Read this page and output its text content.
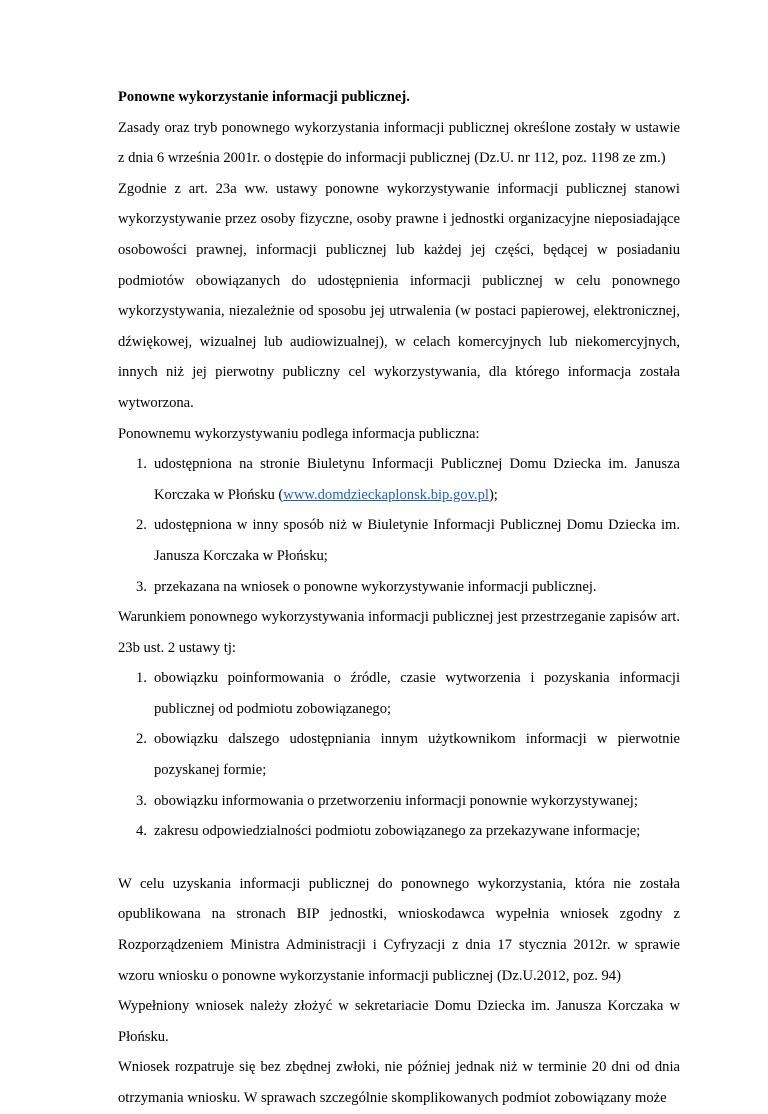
Ponowne wykorzystanie informacji publicznej.

Zasady oraz tryb ponownego wykorzystania informacji publicznej określone zostały w ustawie z dnia 6 września 2001r. o dostępie do informacji publicznej (Dz.U. nr 112, poz. 1198 ze zm.)

Zgodnie z art. 23a ww. ustawy ponowne wykorzystywanie informacji publicznej stanowi wykorzystywanie przez osoby fizyczne, osoby prawne i jednostki organizacyjne nieposiadające osobowości prawnej, informacji publicznej lub każdej jej części, będącej w posiadaniu podmiotów obowiązanych do udostępnienia informacji publicznej w celu ponownego wykorzystywania, niezależnie od sposobu jej utrwalenia (w postaci papierowej, elektronicznej, dźwiękowej, wizualnej lub audiowizualnej), w celach komercyjnych lub niekomercyjnych, innych niż jej pierwotny publiczny cel wykorzystywania, dla którego informacja została wytworzona.

Ponownemu wykorzystywaniu podlega informacja publiczna:

1. udostępniona na stronie Biuletynu Informacji Publicznej Domu Dziecka im. Janusza Korczaka w Płońsku (www.domdzieckaplonsk.bip.gov.pl);
2. udostępniona w inny sposób niż w Biuletynie Informacji Publicznej Domu Dziecka im. Janusza Korczaka w Płońsku;
3. przekazana na wniosek o ponowne wykorzystywanie informacji publicznej.

Warunkiem ponownego wykorzystywania informacji publicznej jest przestrzeganie zapisów art. 23b ust. 2 ustawy tj:

1. obowiązku poinformowania o źródle, czasie wytworzenia i pozyskania informacji publicznej od podmiotu zobowiązanego;
2. obowiązku dalszego udostępniania innym użytkownikom informacji w pierwotnie pozyskanej formie;
3. obowiązku informowania o przetworzeniu informacji ponownie wykorzystywanej;
4. zakresu odpowiedzialności podmiotu zobowiązanego za przekazywane informacje;

W celu uzyskania informacji publicznej do ponownego wykorzystania, która nie została opublikowana na stronach BIP jednostki, wnioskodawca wypełnia wniosek zgodny z Rozporządzeniem Ministra Administracji i Cyfryzacji z dnia 17 stycznia 2012r. w sprawie wzoru wniosku o ponowne wykorzystanie informacji publicznej (Dz.U.2012, poz. 94)

Wypełniony wniosek należy złożyć w sekretariacie Domu Dziecka im. Janusza Korczaka w Płońsku.

Wniosek rozpatruje się bez zbędnej zwłoki, nie później jednak niż w terminie 20 dni od dnia otrzymania wniosku. W sprawach szczególnie skomplikowanych podmiot zobowiązany może
